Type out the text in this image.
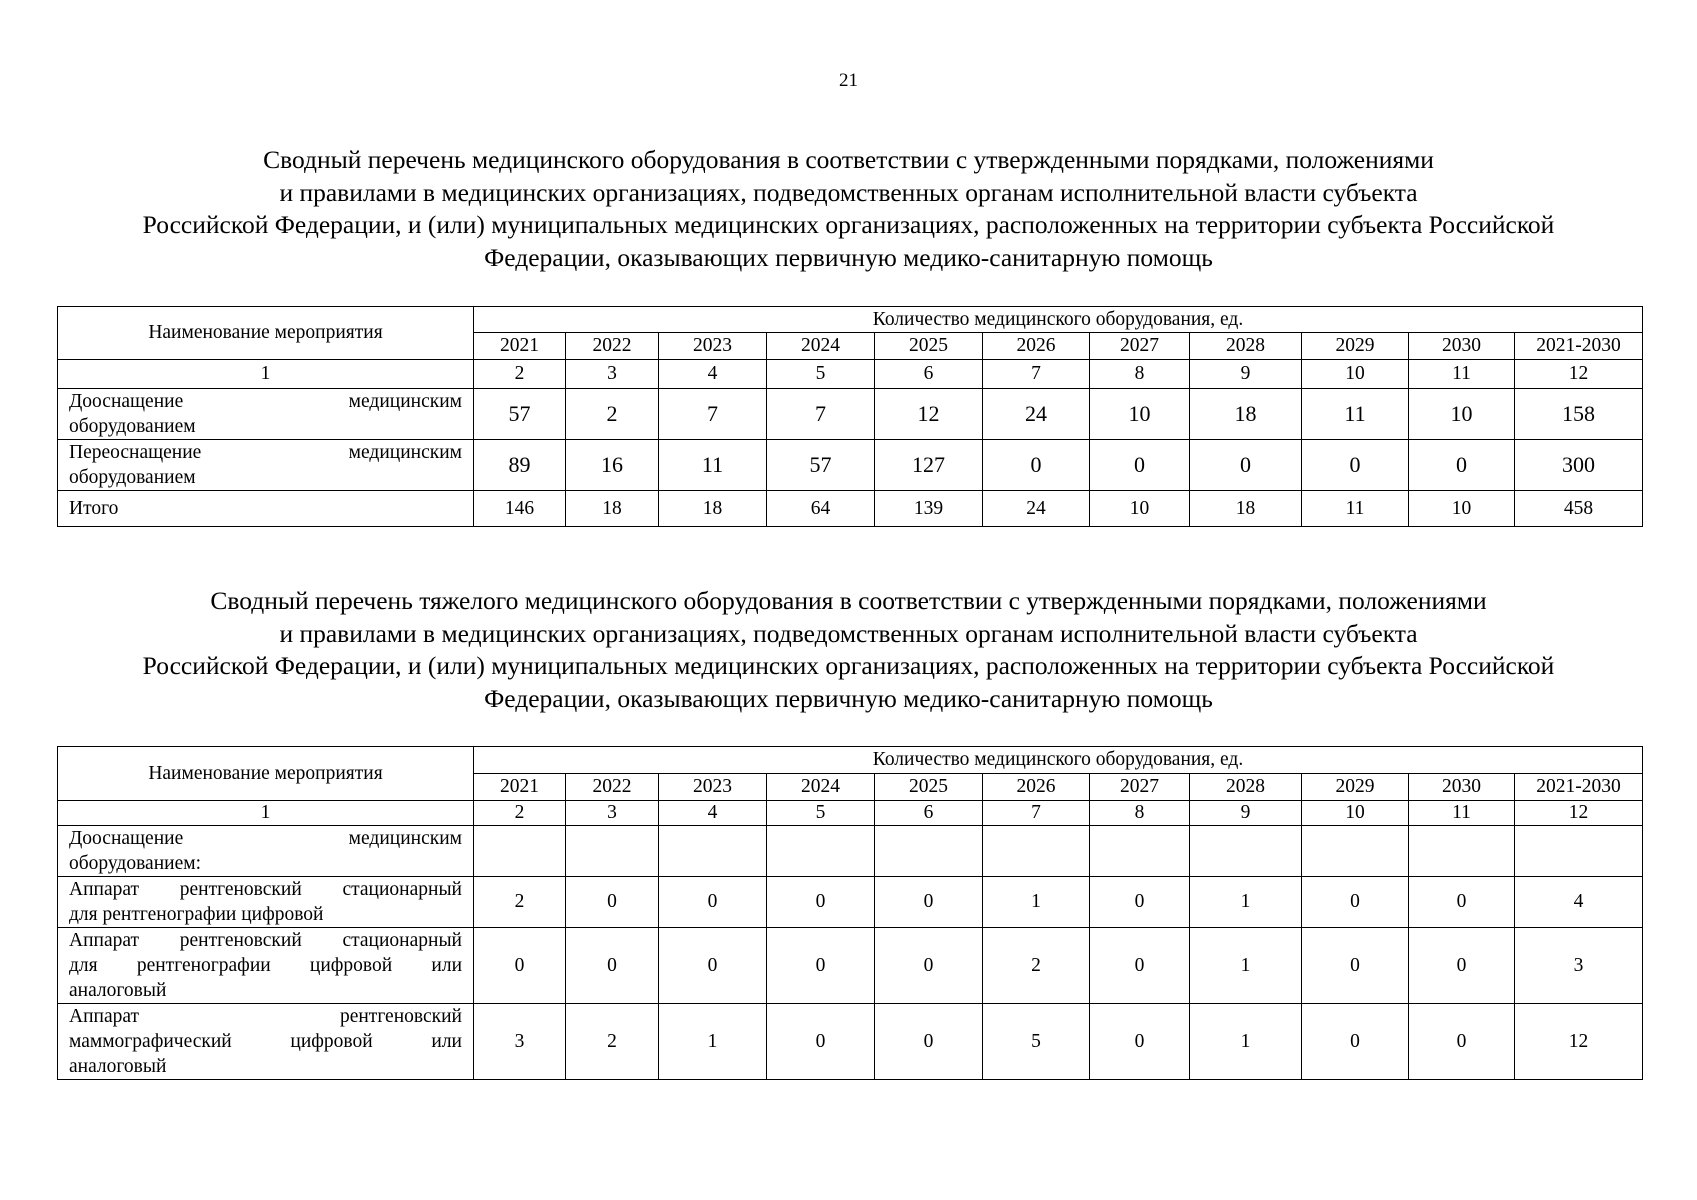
21
Сводный перечень медицинского оборудования в соответствии с утвержденными порядками, положениями
и правилами в медицинских организациях, подведомственных органам исполнительной власти субъекта
Российской Федерации, и (или) муниципальных медицинских организациях, расположенных на территории субъекта Российской
Федерации, оказывающих первичную медико-санитарную помощь
Наименование мероприятия	Количество медицинского оборудования, ед.										
	2021	2022	2023	2024	2025	2026	2027	2028	2029	2030	2021-2030
1	2	3	4	5	6	7	8	9	10	11	12

Дооснащение медицинским
оборудованием	57	2	7	7	12	24	10	18	11	10	158

Переоснащение медицинским
оборудованием	89	16	11	57	127	0	0	0	0	0	300

Итого	146	18	18	64	139	24	10	18	11	10	458
Сводный перечень тяжелого медицинского оборудования в соответствии с утвержденными порядками, положениями
и правилами в медицинских организациях, подведомственных органам исполнительной власти субъекта
Российской Федерации, и (или) муниципальных медицинских организациях, расположенных на территории субъекта Российской
Федерации, оказывающих первичную медико-санитарную помощь
Наименование мероприятия	Количество медицинского оборудования, ед.										
	2021	2022	2023	2024	2025	2026	2027	2028	2029	2030	2021-2030
1	2	3	4	5	6	7	8	9	10	11	12

Дооснащение медицинским
оборудованием:											

Аппарат рентгеновский стационарный
для рентгенографии цифровой	2	0	0	0	0	1	0	1	0	0	4

Аппарат рентгеновский стационарный
для рентгенографии цифровой или
аналоговый	0	0	0	0	0	2	0	1	0	0	3

Аппарат рентгеновский
маммографический цифровой или
аналоговый	3	2	1	0	0	5	0	1	0	0	12
